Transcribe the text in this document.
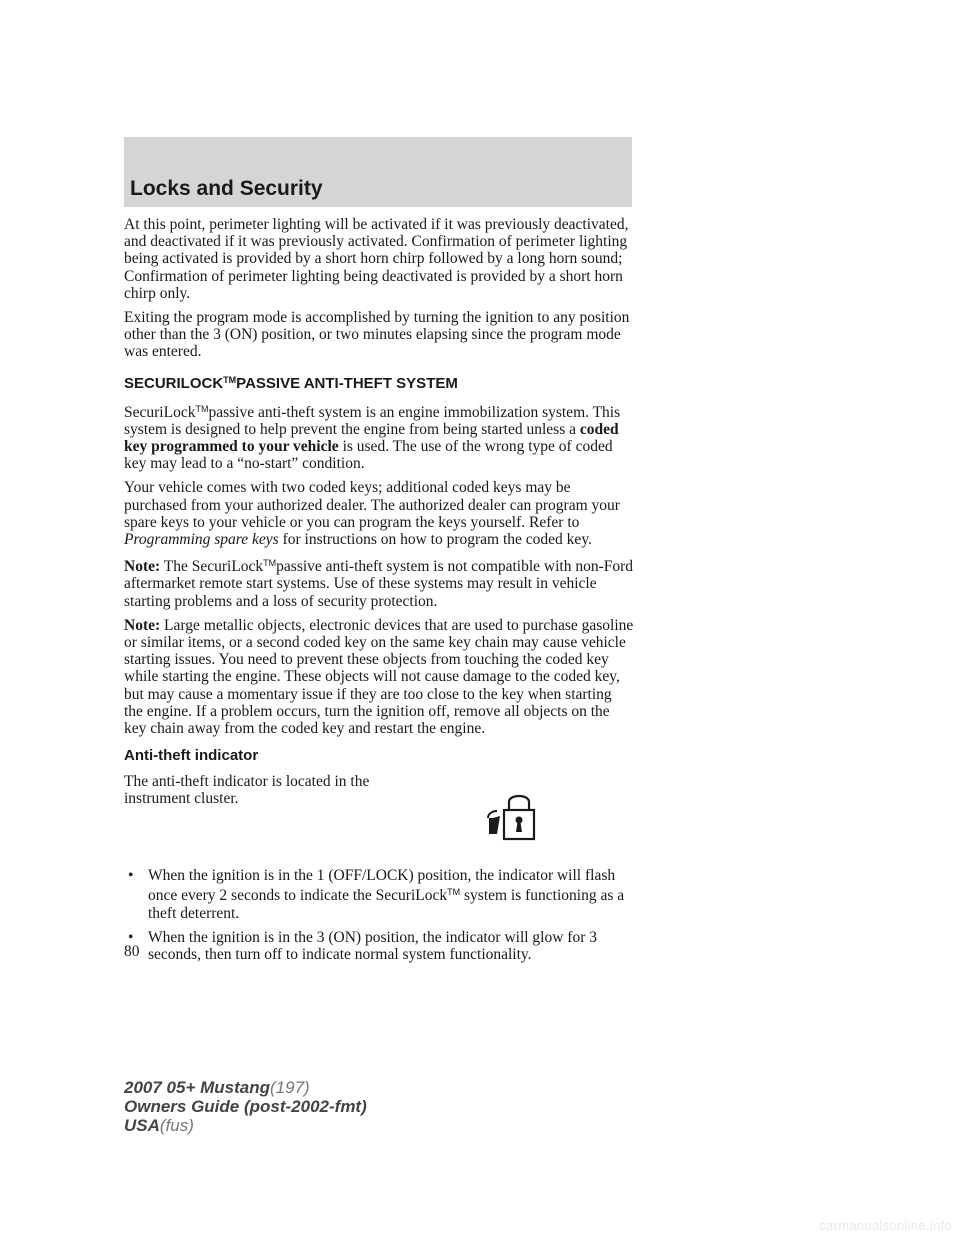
Locks and Security

At this point, perimeter lighting will be activated if it was previously deactivated, and deactivated if it was previously activated. Confirmation of perimeter lighting being activated is provided by a short horn chirp followed by a long horn sound; Confirmation of perimeter lighting being deactivated is provided by a short horn chirp only.

Exiting the program mode is accomplished by turning the ignition to any position other than the 3 (ON) position, or two minutes elapsing since the program mode was entered.

SECURILOCK™PASSIVE ANTI-THEFT SYSTEM

SecuriLock™passive anti-theft system is an engine immobilization system. This system is designed to help prevent the engine from being started unless a coded key programmed to your vehicle is used. The use of the wrong type of coded key may lead to a “no-start” condition.

Your vehicle comes with two coded keys; additional coded keys may be purchased from your authorized dealer. The authorized dealer can program your spare keys to your vehicle or you can program the keys yourself. Refer to Programming spare keys for instructions on how to program the coded key.

Note: The SecuriLock™passive anti-theft system is not compatible with non-Ford aftermarket remote start systems. Use of these systems may result in vehicle starting problems and a loss of security protection.

Note: Large metallic objects, electronic devices that are used to purchase gasoline or similar items, or a second coded key on the same key chain may cause vehicle starting issues. You need to prevent these objects from touching the coded key while starting the engine. These objects will not cause damage to the coded key, but may cause a momentary issue if they are too close to the key when starting the engine. If a problem occurs, turn the ignition off, remove all objects on the key chain away from the coded key and restart the engine.

Anti-theft indicator

The anti-theft indicator is located in the instrument cluster.

• When the ignition is in the 1 (OFF/LOCK) position, the indicator will flash once every 2 seconds to indicate the SecuriLock™ system is functioning as a theft deterrent.
• When the ignition is in the 3 (ON) position, the indicator will glow for 3 seconds, then turn off to indicate normal system functionality.
80
2007 05+ Mustang(197)
Owners Guide (post-2002-fmt)
USA(fus)
carmanualsonline.info
